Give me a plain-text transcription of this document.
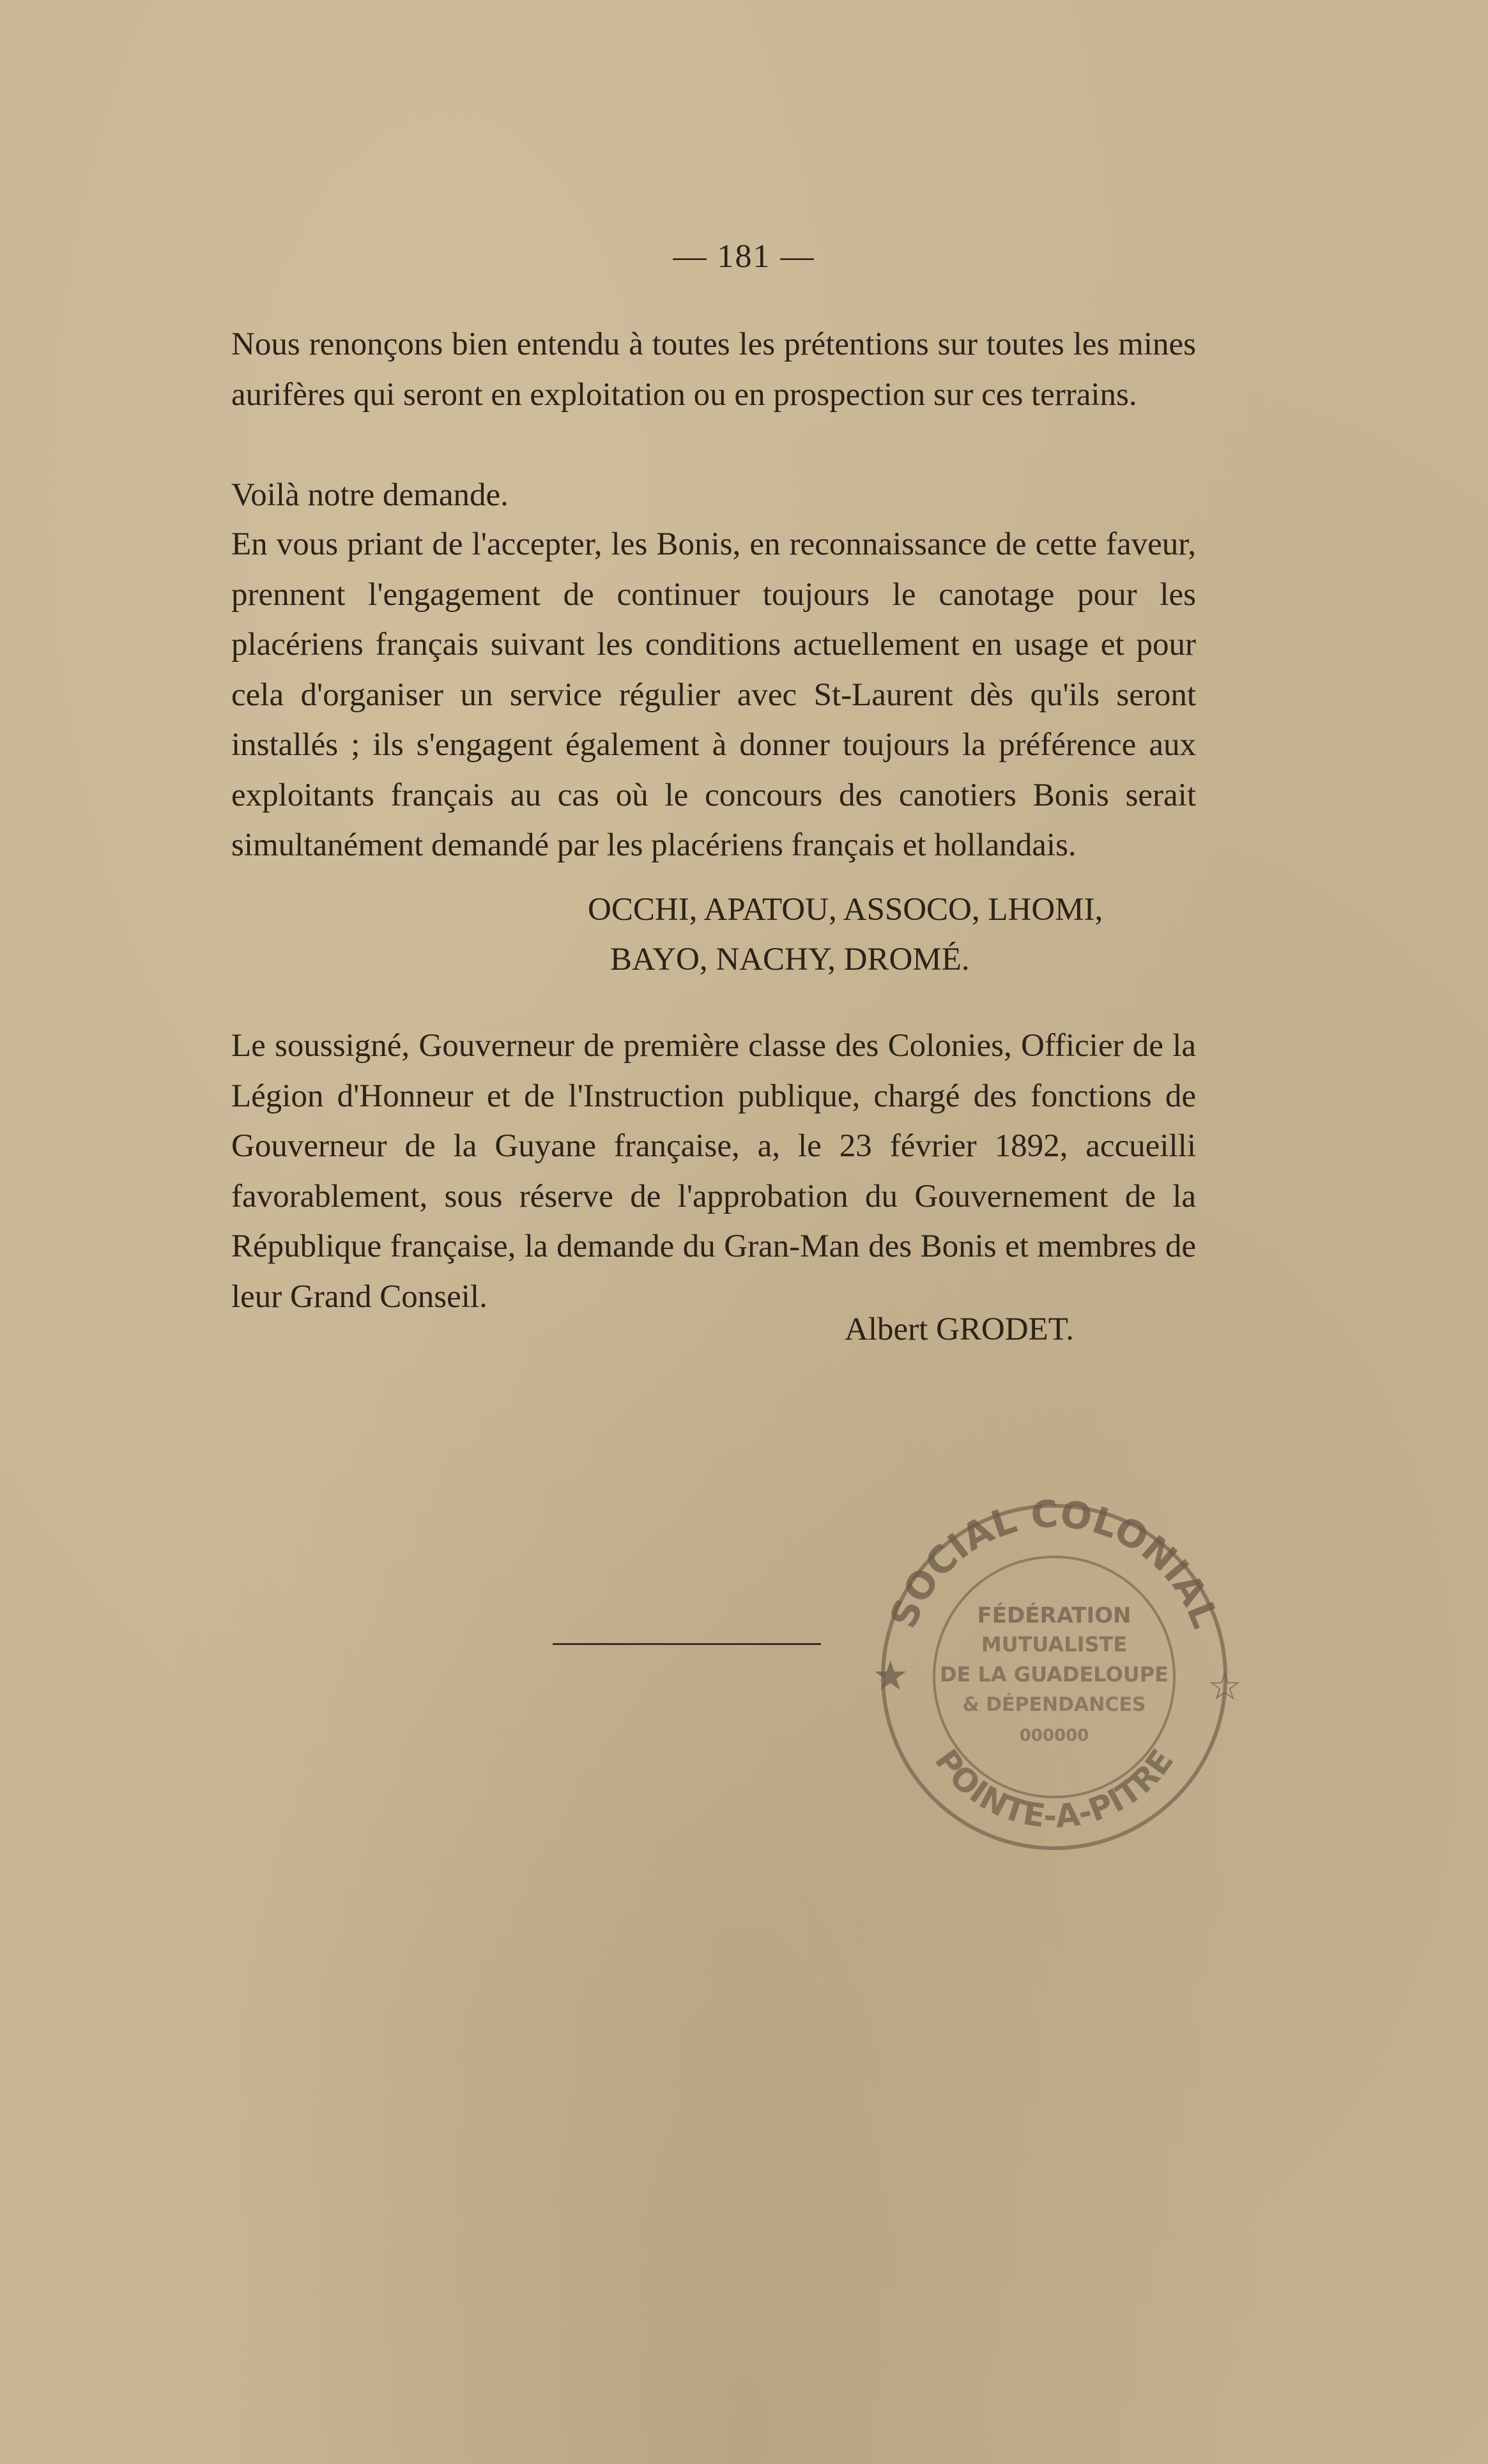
— 181 —

Nous renonçons bien entendu à toutes les prétentions sur toutes les mines aurifères qui seront en exploitation ou en prospection sur ces terrains.

Voilà notre demande.

En vous priant de l'accepter, les Bonis, en reconnaissance de cette faveur, prennent l'engagement de continuer toujours le canotage pour les placériens français suivant les conditions actuellement en usage et pour cela d'organiser un service régulier avec St-Laurent dès qu'ils seront installés ; ils s'engagent également à donner toujours la préférence aux exploitants français au cas où le concours des canotiers Bonis serait simultanément demandé par les placériens français et hollandais.

OCCHI, APATOU, ASSOCO, LHOMI,
BAYO, NACHY, DROMÉ.

Le soussigné, Gouverneur de première classe des Colonies, Officier de la Légion d'Honneur et de l'Instruction publique, chargé des fonctions de Gouverneur de la Guyane française, a, le 23 février 1892, accueilli favorablement, sous réserve de l'approbation du Gouvernement de la République française, la demande du Gran-Man des Bonis et membres de leur Grand Conseil.

Albert GRODET.
SOCIAL COLONIAL
POINTE-A-PITRE
FÉDÉRATION
MUTUALISTE
DE LA GUADELOUPE
& DÉPENDANCES
000000
★	☆
